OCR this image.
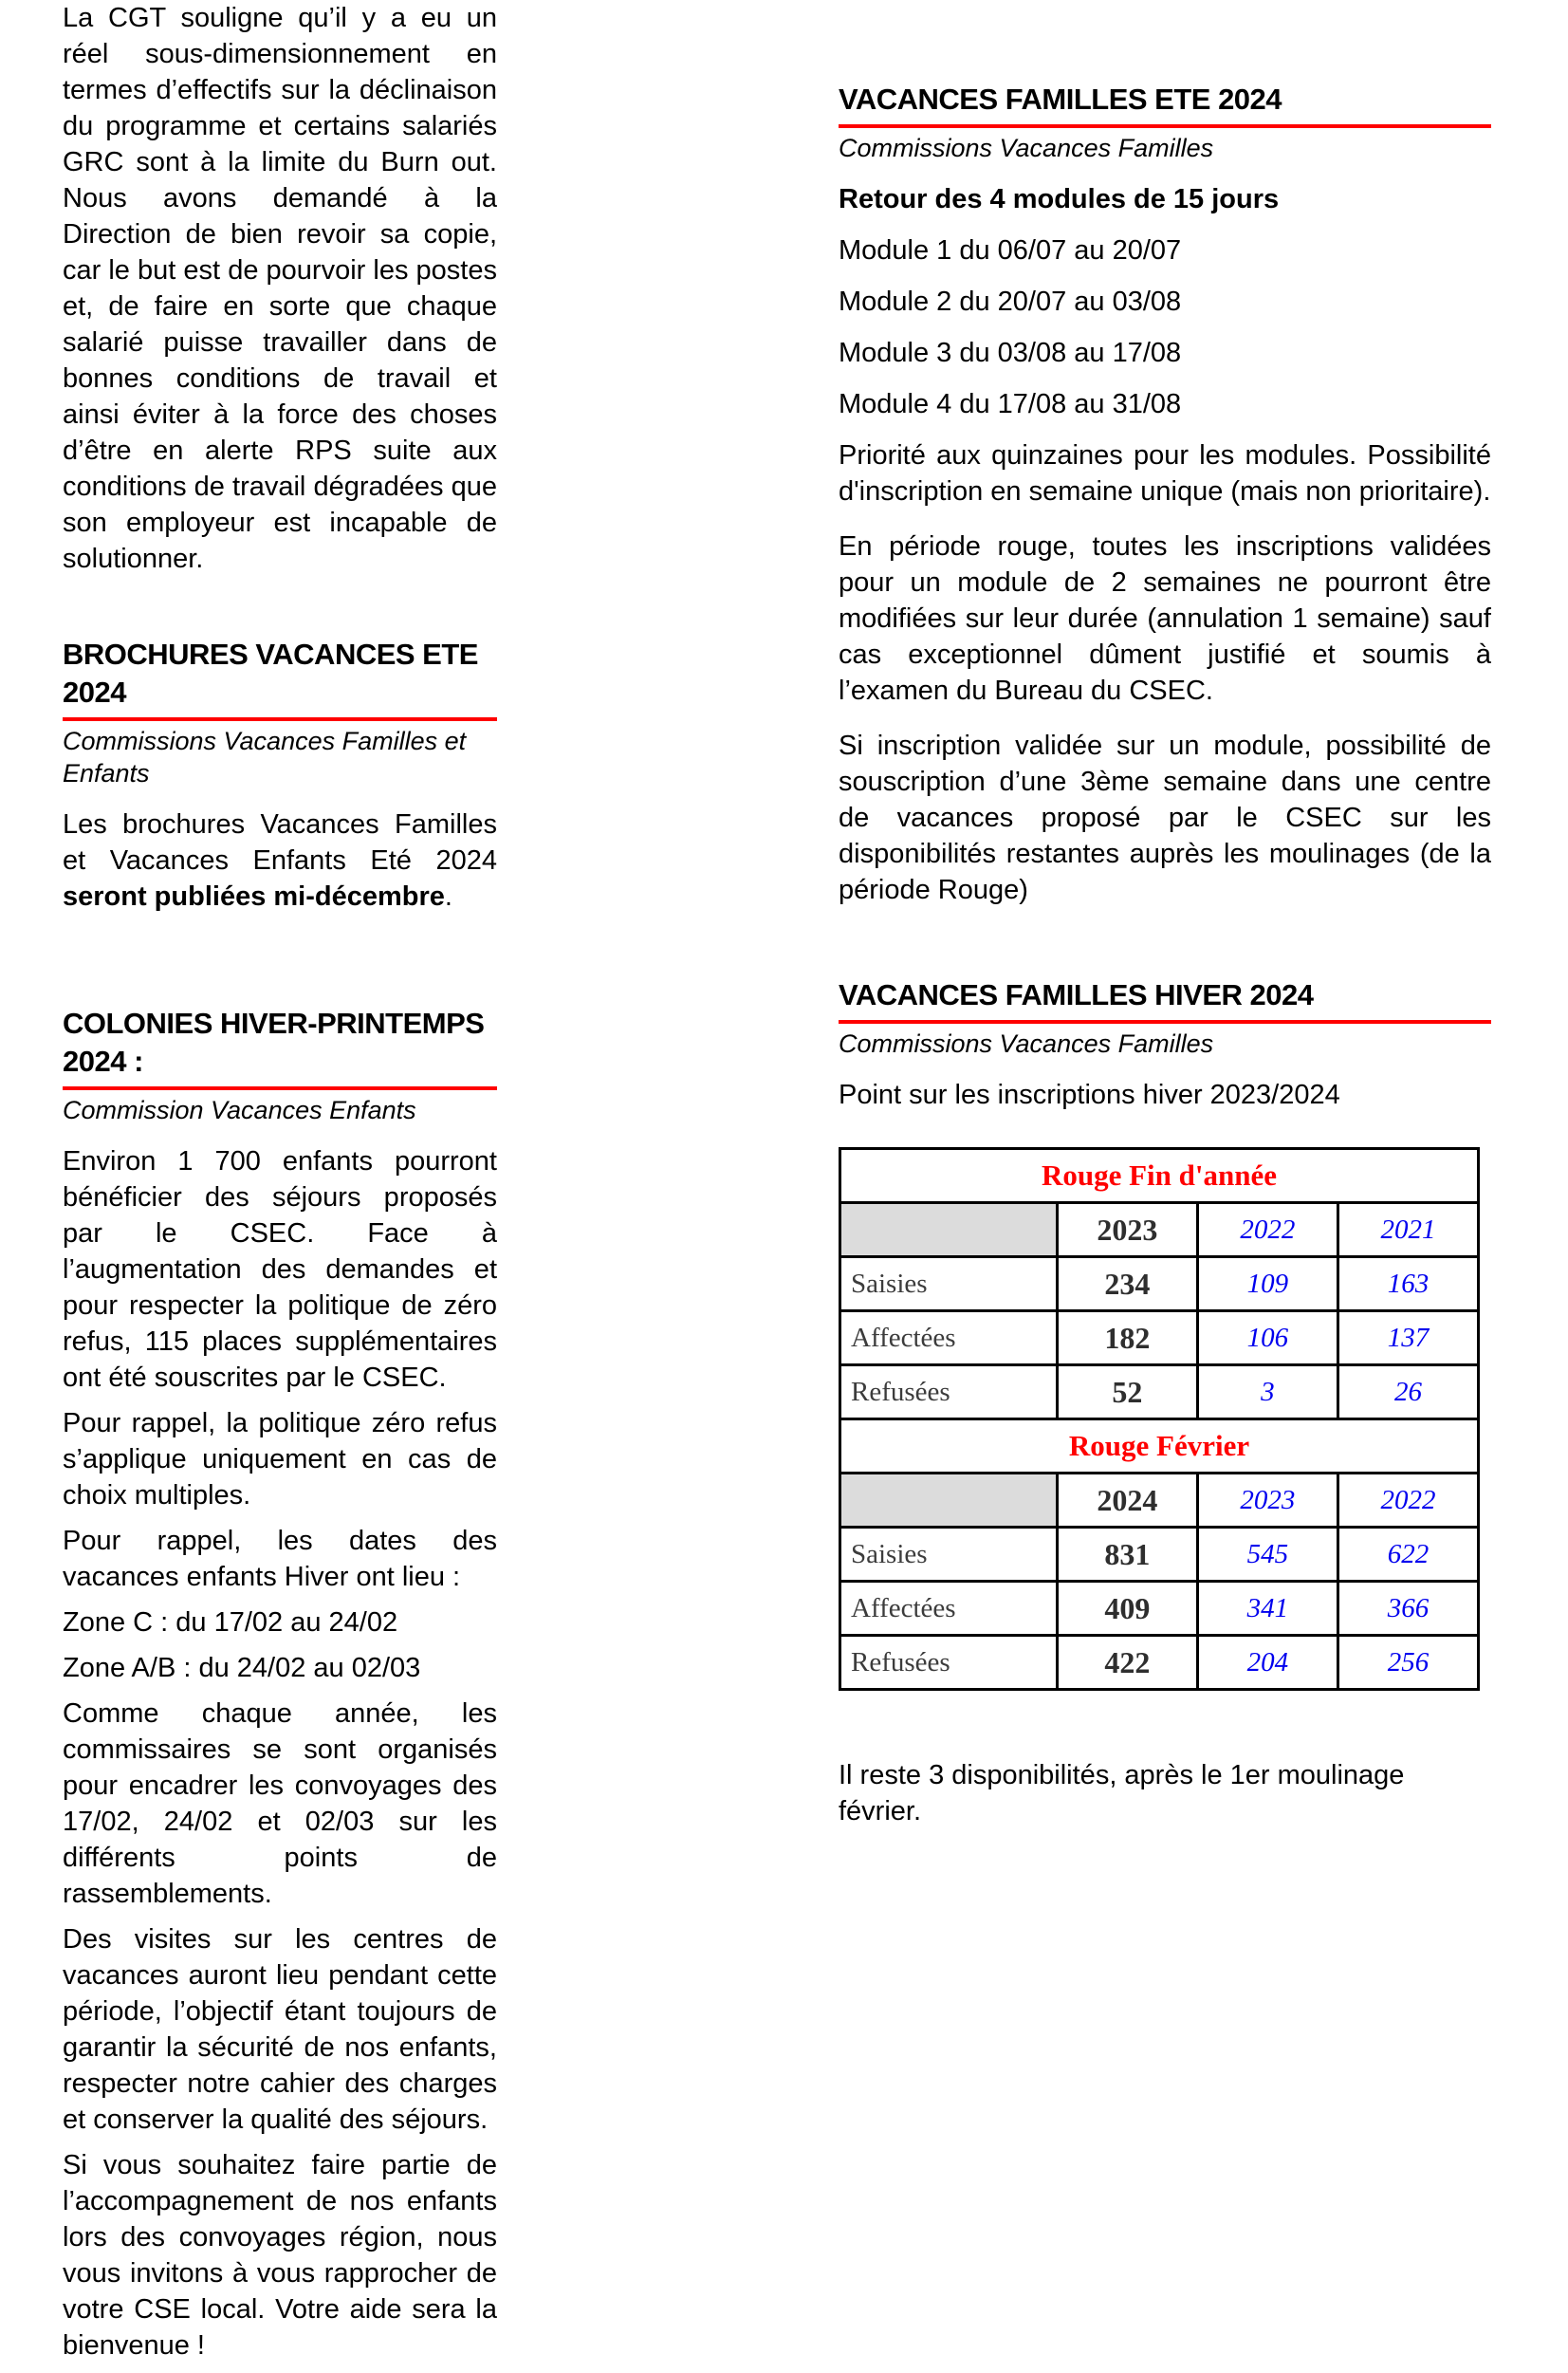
La CGT souligne qu’il y a eu un réel sous-dimensionnement en termes d’effectifs sur la déclinaison du programme et certains salariés GRC sont à la limite du Burn out. Nous avons demandé à la Direction de bien revoir sa copie, car le but est de pourvoir les postes et, de faire en sorte que chaque salarié puisse travailler dans de bonnes conditions de travail et ainsi éviter à la force des choses d’être en alerte RPS suite aux conditions de travail dégradées que son employeur est incapable de solutionner.

BROCHURES VACANCES ETE 2024

Commissions Vacances Familles et Enfants

Les brochures Vacances Familles et Vacances Enfants Eté 2024 seront publiées mi-décembre.

COLONIES HIVER-PRINTEMPS 2024 :

Commission Vacances Enfants

Environ 1 700 enfants pourront bénéficier des séjours proposés par le CSEC. Face à l’augmentation des demandes et pour respecter la politique de zéro refus, 115 places supplémentaires ont été souscrites par le CSEC.

Pour rappel, la politique zéro refus s’applique uniquement en cas de choix multiples.

Pour rappel, les dates des vacances enfants Hiver ont lieu :

Zone C : du 17/02 au 24/02

Zone A/B : du 24/02 au 02/03

Comme chaque année, les commissaires se sont organisés pour encadrer les convoyages des 17/02, 24/02 et 02/03 sur les différents points de rassemblements.

Des visites sur les centres de vacances auront lieu pendant cette période, l’objectif étant toujours de garantir la sécurité de nos enfants, respecter notre cahier des charges et conserver la qualité des séjours.

Si vous souhaitez faire partie de l’accompagnement de nos enfants lors des convoyages région, nous vous invitons à vous rapprocher de votre CSE local. Votre aide sera la bienvenue !

VACANCES FAMILLES ETE 2024

Commissions Vacances Familles

Retour des 4 modules de 15 jours

Module 1 du 06/07 au 20/07

Module 2 du 20/07 au 03/08

Module 3 du 03/08 au 17/08

Module 4 du 17/08 au 31/08

Priorité aux quinzaines pour les modules. Possibilité d'inscription en semaine unique (mais non prioritaire).

En période rouge, toutes les inscriptions validées pour un module de 2 semaines ne pourront être modifiées sur leur durée (annulation 1 semaine) sauf cas exceptionnel dûment justifié et soumis à l’examen du Bureau du CSEC.

Si inscription validée sur un module, possibilité de souscription d’une 3ème semaine dans une centre de vacances proposé par le CSEC sur les disponibilités restantes auprès les moulinages (de la période Rouge)

VACANCES FAMILLES HIVER 2024

Commissions Vacances Familles

Point sur les inscriptions hiver 2023/2024

Rouge Fin d'année			
	2023	2022	2021
Saisies	234	109	163
Affectées	182	106	137
Refusées	52	3	26
Rouge Février			
	2024	2023	2022
Saisies	831	545	622
Affectées	409	341	366
Refusées	422	204	256

Il reste 3 disponibilités, après le 1er moulinage février.
